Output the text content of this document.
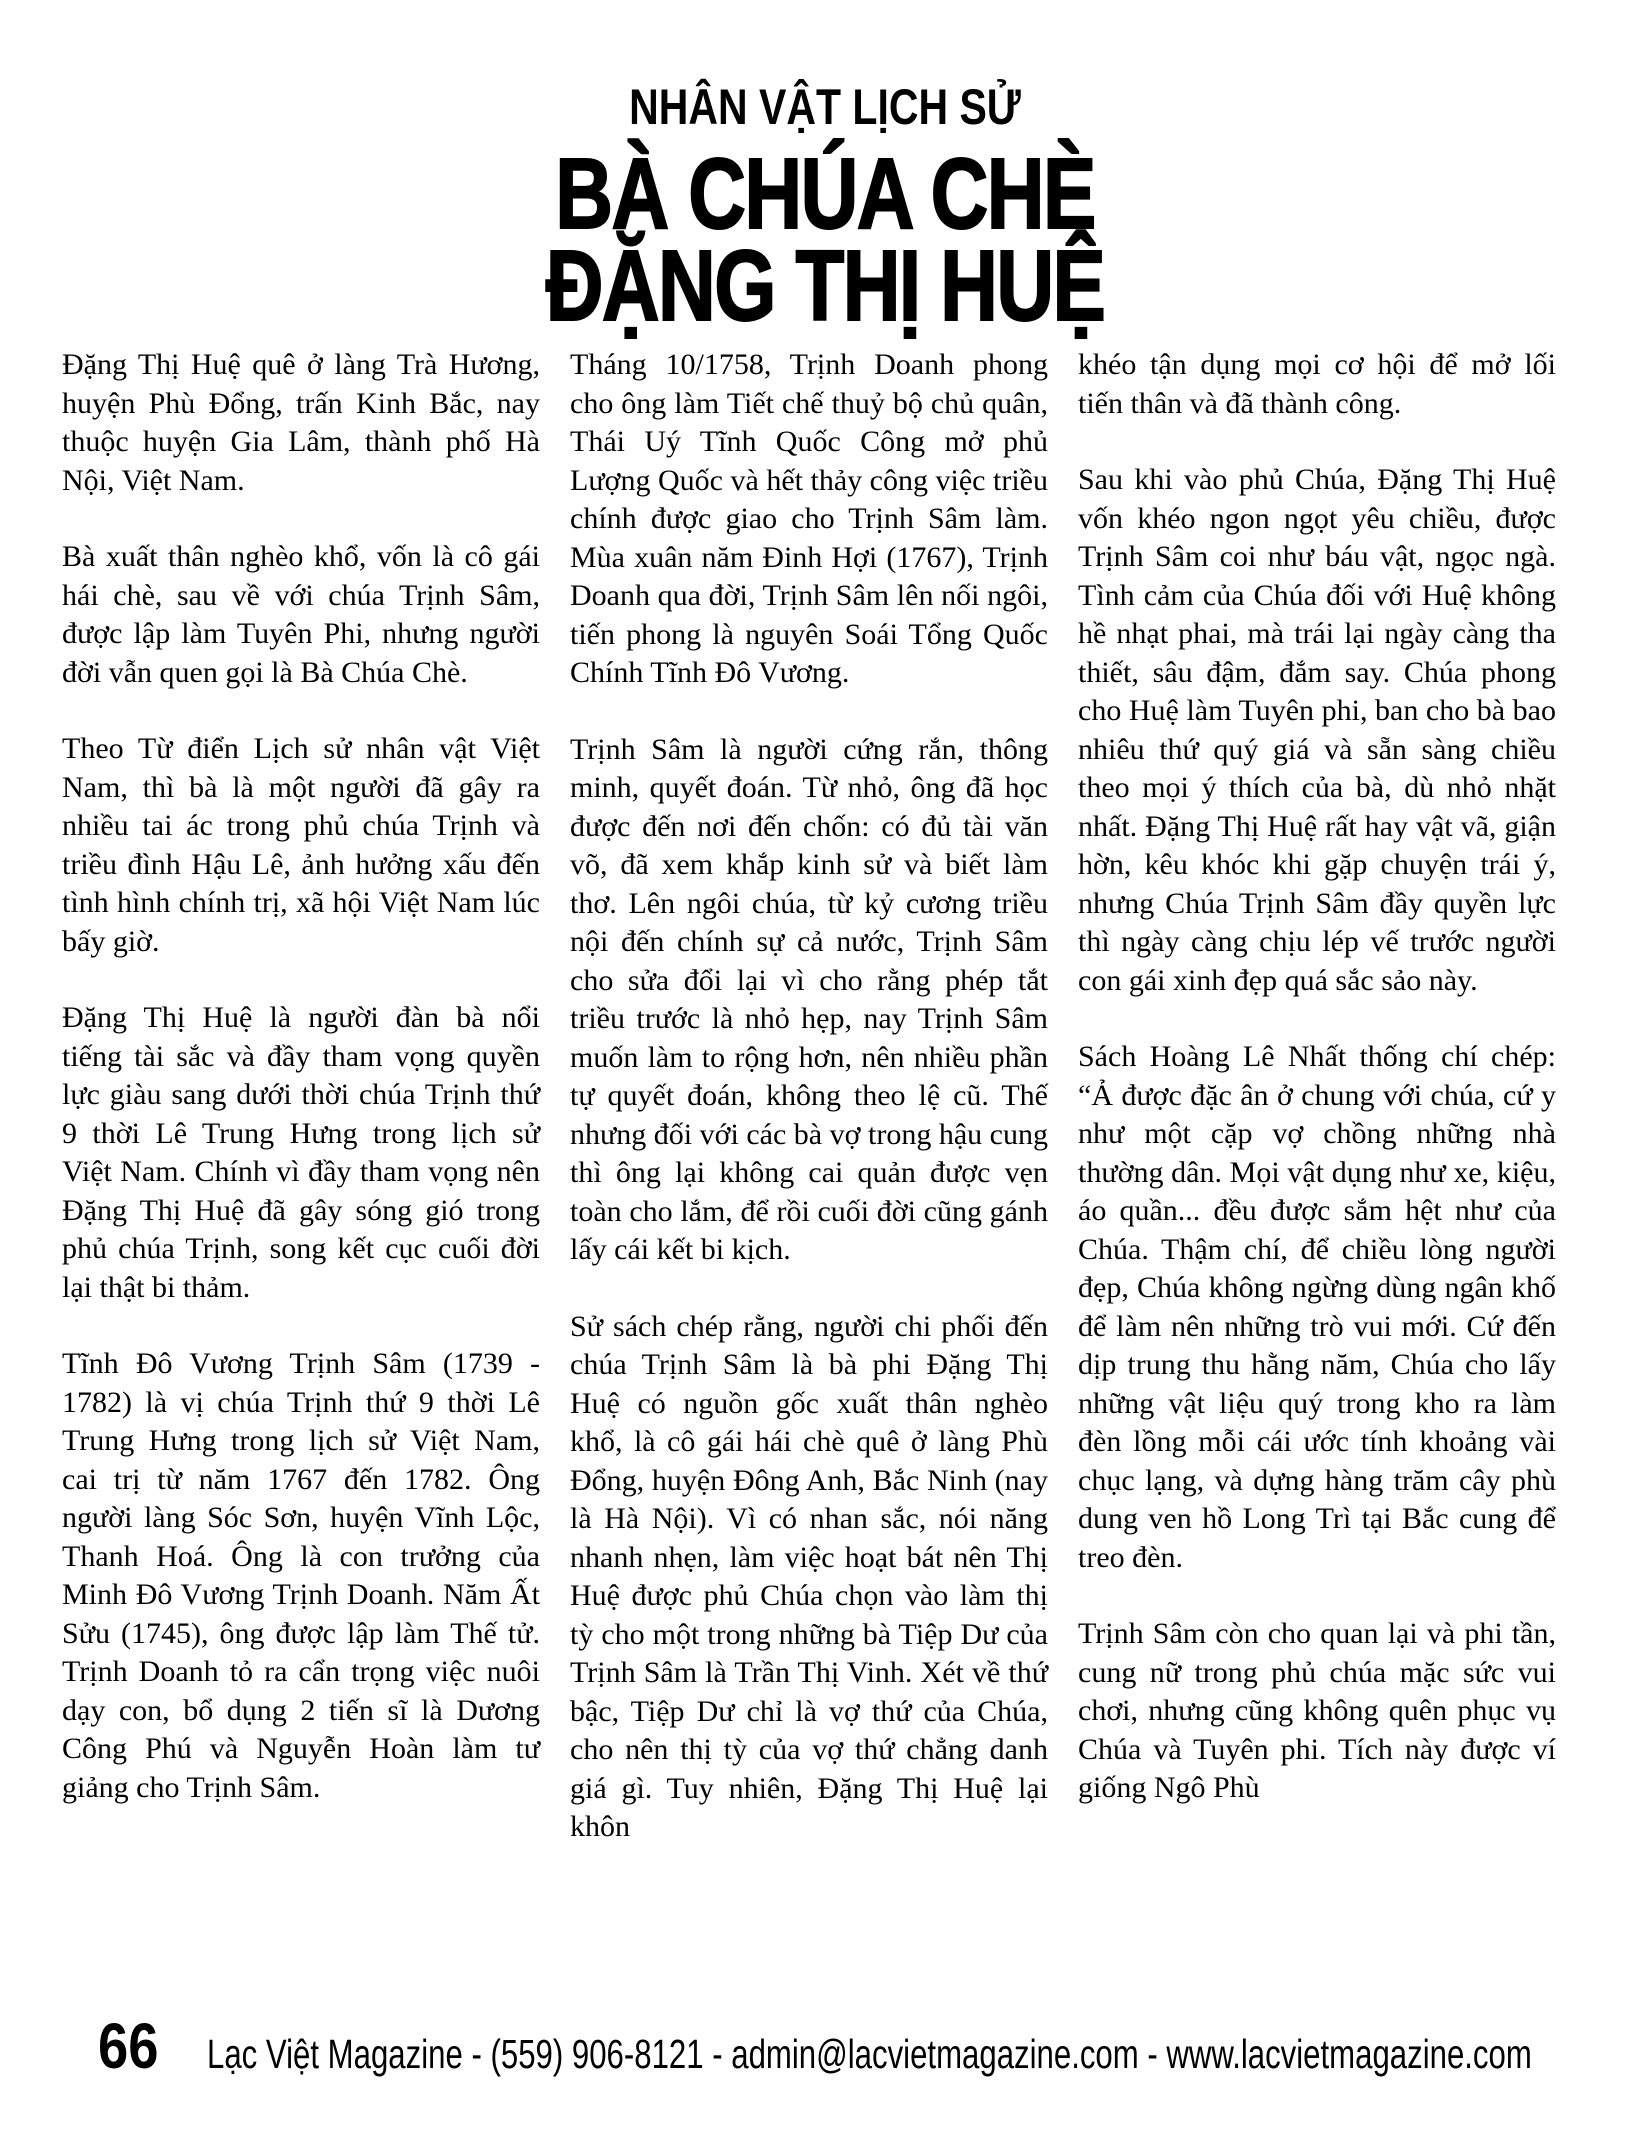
NHÂN VẬT LỊCH SỬ
BÀ CHÚA CHÈ
ĐẶNG THỊ HUỆ

Đặng Thị Huệ quê ở làng Trà Hương, huyện Phù Đổng, trấn Kinh Bắc, nay thuộc huyện Gia Lâm, thành phố Hà Nội, Việt Nam.

Bà xuất thân nghèo khổ, vốn là cô gái hái chè, sau về với chúa Trịnh Sâm, được lập làm Tuyên Phi, nhưng người đời vẫn quen gọi là Bà Chúa Chè.

Theo Từ điển Lịch sử nhân vật Việt Nam, thì bà là một người đã gây ra nhiều tai ác trong phủ chúa Trịnh và triều đình Hậu Lê, ảnh hưởng xấu đến tình hình chính trị, xã hội Việt Nam lúc bấy giờ.

Đặng Thị Huệ là người đàn bà nổi tiếng tài sắc và đầy tham vọng quyền lực giàu sang dưới thời chúa Trịnh thứ 9 thời Lê Trung Hưng trong lịch sử Việt Nam. Chính vì đầy tham vọng nên Đặng Thị Huệ đã gây sóng gió trong phủ chúa Trịnh, song kết cục cuối đời lại thật bi thảm.

Tĩnh Đô Vương Trịnh Sâm (1739 - 1782) là vị chúa Trịnh thứ 9 thời Lê Trung Hưng trong lịch sử Việt Nam, cai trị từ năm 1767 đến 1782. Ông người làng Sóc Sơn, huyện Vĩnh Lộc, Thanh Hoá. Ông là con trưởng của Minh Đô Vương Trịnh Doanh. Năm Ất Sửu (1745), ông được lập làm Thế tử. Trịnh Doanh tỏ ra cẩn trọng việc nuôi dạy con, bổ dụng 2 tiến sĩ là Dương Công Phú và Nguyễn Hoàn làm tư giảng cho Trịnh Sâm.

Tháng 10/1758, Trịnh Doanh phong cho ông làm Tiết chế thuỷ bộ chủ quân, Thái Uý Tĩnh Quốc Công mở phủ Lượng Quốc và hết thảy công việc triều chính được giao cho Trịnh Sâm làm. Mùa xuân năm Đinh Hợi (1767), Trịnh Doanh qua đời, Trịnh Sâm lên nối ngôi, tiến phong là nguyên Soái Tổng Quốc Chính Tĩnh Đô Vương.

Trịnh Sâm là người cứng rắn, thông minh, quyết đoán. Từ nhỏ, ông đã học được đến nơi đến chốn: có đủ tài văn võ, đã xem khắp kinh sử và biết làm thơ. Lên ngôi chúa, từ kỷ cương triều nội đến chính sự cả nước, Trịnh Sâm cho sửa đổi lại vì cho rằng phép tắt triều trước là nhỏ hẹp, nay Trịnh Sâm muốn làm to rộng hơn, nên nhiều phần tự quyết đoán, không theo lệ cũ. Thế nhưng đối với các bà vợ trong hậu cung thì ông lại không cai quản được vẹn toàn cho lắm, để rồi cuối đời cũng gánh lấy cái kết bi kịch.

Sử sách chép rằng, người chi phối đến chúa Trịnh Sâm là bà phi Đặng Thị Huệ có nguồn gốc xuất thân nghèo khổ, là cô gái hái chè quê ở làng Phù Đổng, huyện Đông Anh, Bắc Ninh (nay là Hà Nội). Vì có nhan sắc, nói năng nhanh nhẹn, làm việc hoạt bát nên Thị Huệ được phủ Chúa chọn vào làm thị tỳ cho một trong những bà Tiệp Dư của Trịnh Sâm là Trần Thị Vinh. Xét về thứ bậc, Tiệp Dư chỉ là vợ thứ của Chúa, cho nên thị tỳ của vợ thứ chẳng danh giá gì. Tuy nhiên, Đặng Thị Huệ lại khôn

khéo tận dụng mọi cơ hội để mở lối tiến thân và đã thành công.

Sau khi vào phủ Chúa, Đặng Thị Huệ vốn khéo ngon ngọt yêu chiều, được Trịnh Sâm coi như báu vật, ngọc ngà. Tình cảm của Chúa đối với Huệ không hề nhạt phai, mà trái lại ngày càng tha thiết, sâu đậm, đắm say. Chúa phong cho Huệ làm Tuyên phi, ban cho bà bao nhiêu thứ quý giá và sẵn sàng chiều theo mọi ý thích của bà, dù nhỏ nhặt nhất. Đặng Thị Huệ rất hay vật vã, giận hờn, kêu khóc khi gặp chuyện trái ý, nhưng Chúa Trịnh Sâm đầy quyền lực thì ngày càng chịu lép vế trước người con gái xinh đẹp quá sắc sảo này.

Sách Hoàng Lê Nhất thống chí chép: “Ả được đặc ân ở chung với chúa, cứ y như một cặp vợ chồng những nhà thường dân. Mọi vật dụng như xe, kiệu, áo quần... đều được sắm hệt như của Chúa. Thậm chí, để chiều lòng người đẹp, Chúa không ngừng dùng ngân khố để làm nên những trò vui mới. Cứ đến dịp trung thu hằng năm, Chúa cho lấy những vật liệu quý trong kho ra làm đèn lồng mỗi cái ước tính khoảng vài chục lạng, và dựng hàng trăm cây phù dung ven hồ Long Trì tại Bắc cung để treo đèn.

Trịnh Sâm còn cho quan lại và phi tần, cung nữ trong phủ chúa mặc sức vui chơi, nhưng cũng không quên phục vụ Chúa và Tuyên phi. Tích này được ví giống Ngô Phù

66 Lạc Việt Magazine - (559) 906-8121 - admin@lacvietmagazine.com - www.lacvietmagazine.com
